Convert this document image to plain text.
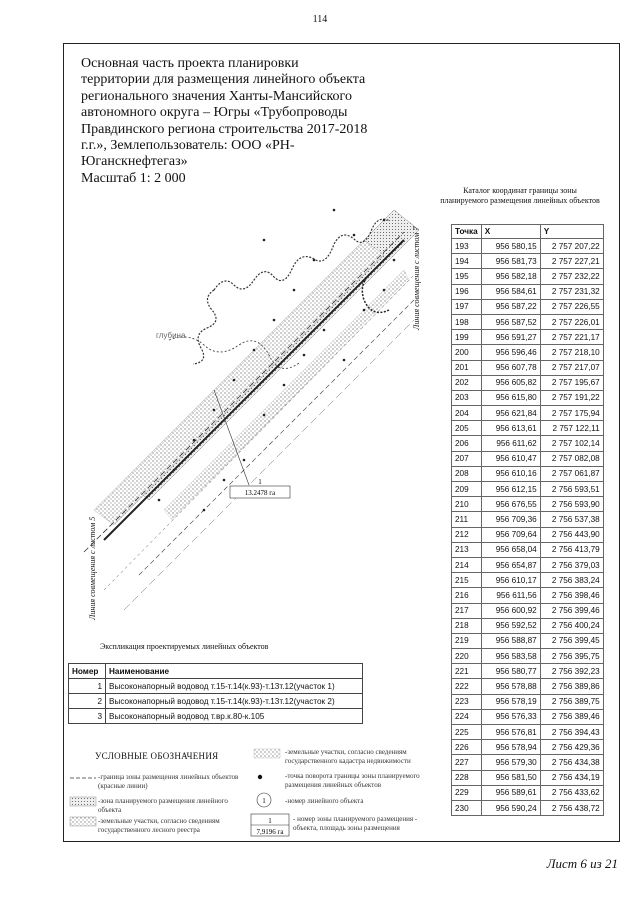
114
Основная часть проекта планировки
территории для размещения линейного объекта
регионального значения Ханты-Мансийского
автономного округа – Югры «Трубопроводы
Правдинского региона строительства 2017-2018
г.г.», Землепользователь: ООО «РН-
Юганскнефтегаз»
Масштаб 1: 2 000
13.2478 га
1
глубина
Линия совмещения с листом 7
Линия совмещения с листом 5
Каталог координат границы зоны
планируемого размещения линейных объектов
Точка	X	Y
193	956 580,15	2 757 207,22
194	956 581,73	2 757 227,21
195	956 582,18	2 757 232,22
196	956 584,61	2 757 231,32
197	956 587,22	2 757 226,55
198	956 587,52	2 757 226,01
199	956 591,27	2 757 221,17
200	956 596,46	2 757 218,10
201	956 607,78	2 757 217,07
202	956 605,82	2 757 195,67
203	956 615,80	2 757 191,22
204	956 621,84	2 757 175,94
205	956 613,61	2 757 122,11
206	956 611,62	2 757 102,14
207	956 610,47	2 757 082,08
208	956 610,16	2 757 061,87
209	956 612,15	2 756 593,51
210	956 676,55	2 756 593,90
211	956 709,36	2 756 537,38
212	956 709,64	2 756 443,90
213	956 658,04	2 756 413,79
214	956 654,87	2 756 379,03
215	956 610,17	2 756 383,24
216	956 611,56	2 756 398,46
217	956 600,92	2 756 399,46
218	956 592,52	2 756 400,24
219	956 588,87	2 756 399,45
220	956 583,58	2 756 395,75
221	956 580,77	2 756 392,23
222	956 578,88	2 756 389,86
223	956 578,19	2 756 389,75
224	956 576,33	2 756 389,46
225	956 576,81	2 756 394,43
226	956 578,94	2 756 429,36
227	956 579,30	2 756 434,38
228	956 581,50	2 756 434,19
229	956 589,61	2 756 433,62
230	956 590,24	2 756 438,72
Экспликация проектируемых линейных объектов
Номер	Наименование
1	Высоконапорный водовод т.15-т.14(к.93)-т.13т.12(участок 1)
2	Высоконапорный водовод т.15-т.14(к.93)-т.13т.12(участок 2)
3	Высоконапорный водовод т.вр.к.80-к.105
УСЛОВНЫЕ ОБОЗНАЧЕНИЯ
-граница зоны размещения линейных объектов (красные линии)
-зона планируемого размещения линейного объекта
-земельные участки, согласно сведениям государственного лесного реестра
1
-земельные участки, согласно сведениям государственного кадастра недвижимости
-точка поворота границы зоны планируемого размещения линейных объектов
-номер линейного объекта
1
7,9196 га
- номер зоны планируемого размещения - объекта, площадь зоны размещения
Лист 6 из 21
